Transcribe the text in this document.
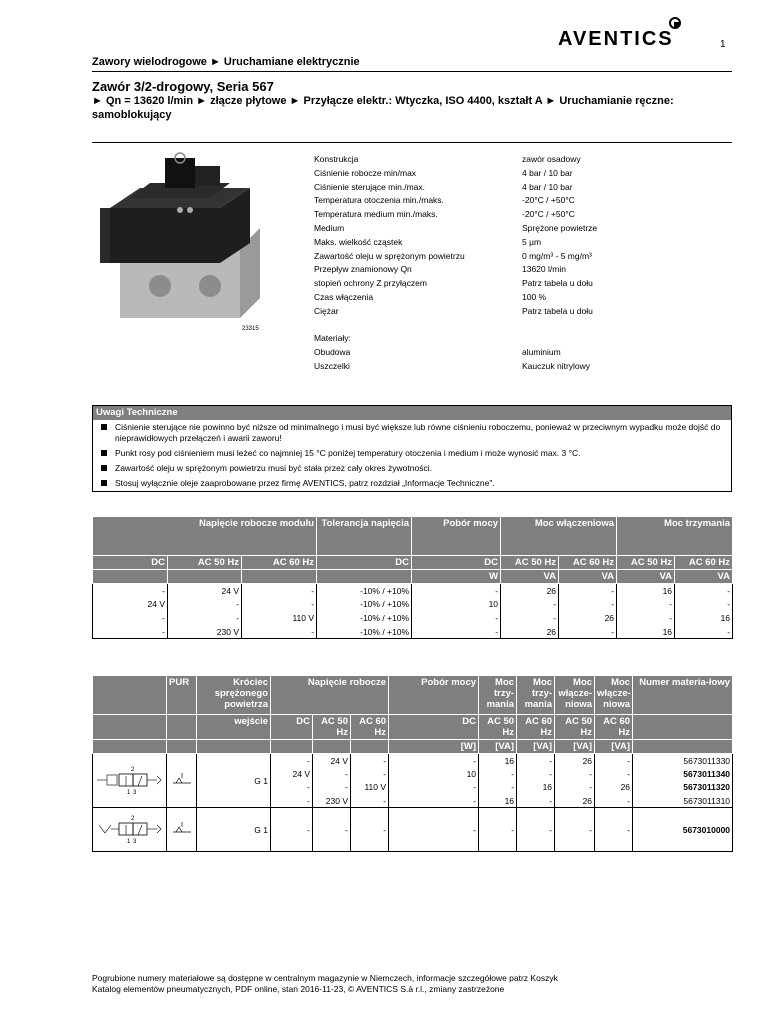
AVENTICS	1
Zawory wielodrogowe ► Uruchamiane elektrycznie
Zawór 3/2-drogowy, Seria 567
► Qn = 13620 l/min ► złącze płytowe ► Przyłącze elektr.: Wtyczka, ISO 4400, kształt A ► Uruchamianie ręczne: samoblokujący
23315
Konstrukcja	zawór osadowy
Ciśnienie robocze min/max	4 bar / 10 bar
Ciśnienie sterujące min./max.	4 bar / 10 bar
Temperatura otoczenia min./maks.	-20°C / +50°C
Temperatura medium min./maks.	-20°C / +50°C
Medium	Sprężone powietrze
Maks. wielkość cząstek	5 µm
Zawartość oleju w sprężonym powietrzu	0 mg/m³ - 5 mg/m³
Przepływ znamionowy Qn	13620 l/min
stopień ochrony Z przyłączem	Patrz tabela u dołu
Czas włączenia	100 %
Ciężar	Patrz tabela u dołu
Materiały:
Obudowa	aluminium
Uszczelki	Kauczuk nitrylowy
Uwagi Techniczne
Ciśnienie sterujące nie powinno być niższe od minimalnego i musi być większe lub równe ciśnieniu roboczemu, ponieważ w przeciwnym wypadku może dojść do nieprawidłowych przełączeń i awarii zaworu!
Punkt rosy pod ciśnieniem musi leżeć co najmniej 15 °C poniżej temperatury otoczenia i medium i może wynosić max. 3 °C.
Zawartość oleju w sprężonym powietrzu musi być stała przez cały okres żywotności.
Stosuj wyłącznie oleje zaaprobowane przez firmę AVENTICS, patrz rozdział „Informacje Techniczne".
Napięcie robocze modułu			Tolerancja napięcia	Pobór mocy	Moc włączeniowa		Moc trzymania	
DC	AC 50 Hz	AC 60 Hz	DC	DC	AC 50 Hz	AC 60 Hz	AC 50 Hz	AC 60 Hz
				W	VA	VA	VA	VA
-	24 V	-	-10% / +10%	-	26	-	16	-
24 V	-	-	-10% / +10%	10	-	-	-	-
-	-	110 V	-10% / +10%	-	-	26	-	16
-	230 V	-	-10% / +10%	-	26	-	16	-
	PUR	Króciec sprężonego powietrza	Napięcie robocze			Pobór mocy	Moc trzy-mania	Moc trzy-mania	Moc włącze-niowa	Moc włącze-niowa	Numer materia-łowy
		wejście	DC	AC 50 Hz	AC 60 Hz	DC	AC 50 Hz	AC 60 Hz	AC 50 Hz	AC 60 Hz	
						[W]	[VA]	[VA]	[VA]	[VA]	

2
1 3		G 1	-	24 V	-	-	16	-	26	-	5673011330
			24 V	-	-	10	-	-	-	-	5673011340
			-	-	110 V	-	-	16	-	26	5673011320
			-	230 V	-	-	16	-	26	-	5673011310

2
1 3		G 1	-	-	-	-	-	-	-	-	5673010000
Pogrubione numery materiałowe są dostępne w centralnym magazynie w Niemczech, informacje szczegółowe patrz Koszyk
Katalog elementów pneumatycznych, PDF online, stan 2016-11-23, © AVENTICS S.à r.l., zmiany zastrzeżone
